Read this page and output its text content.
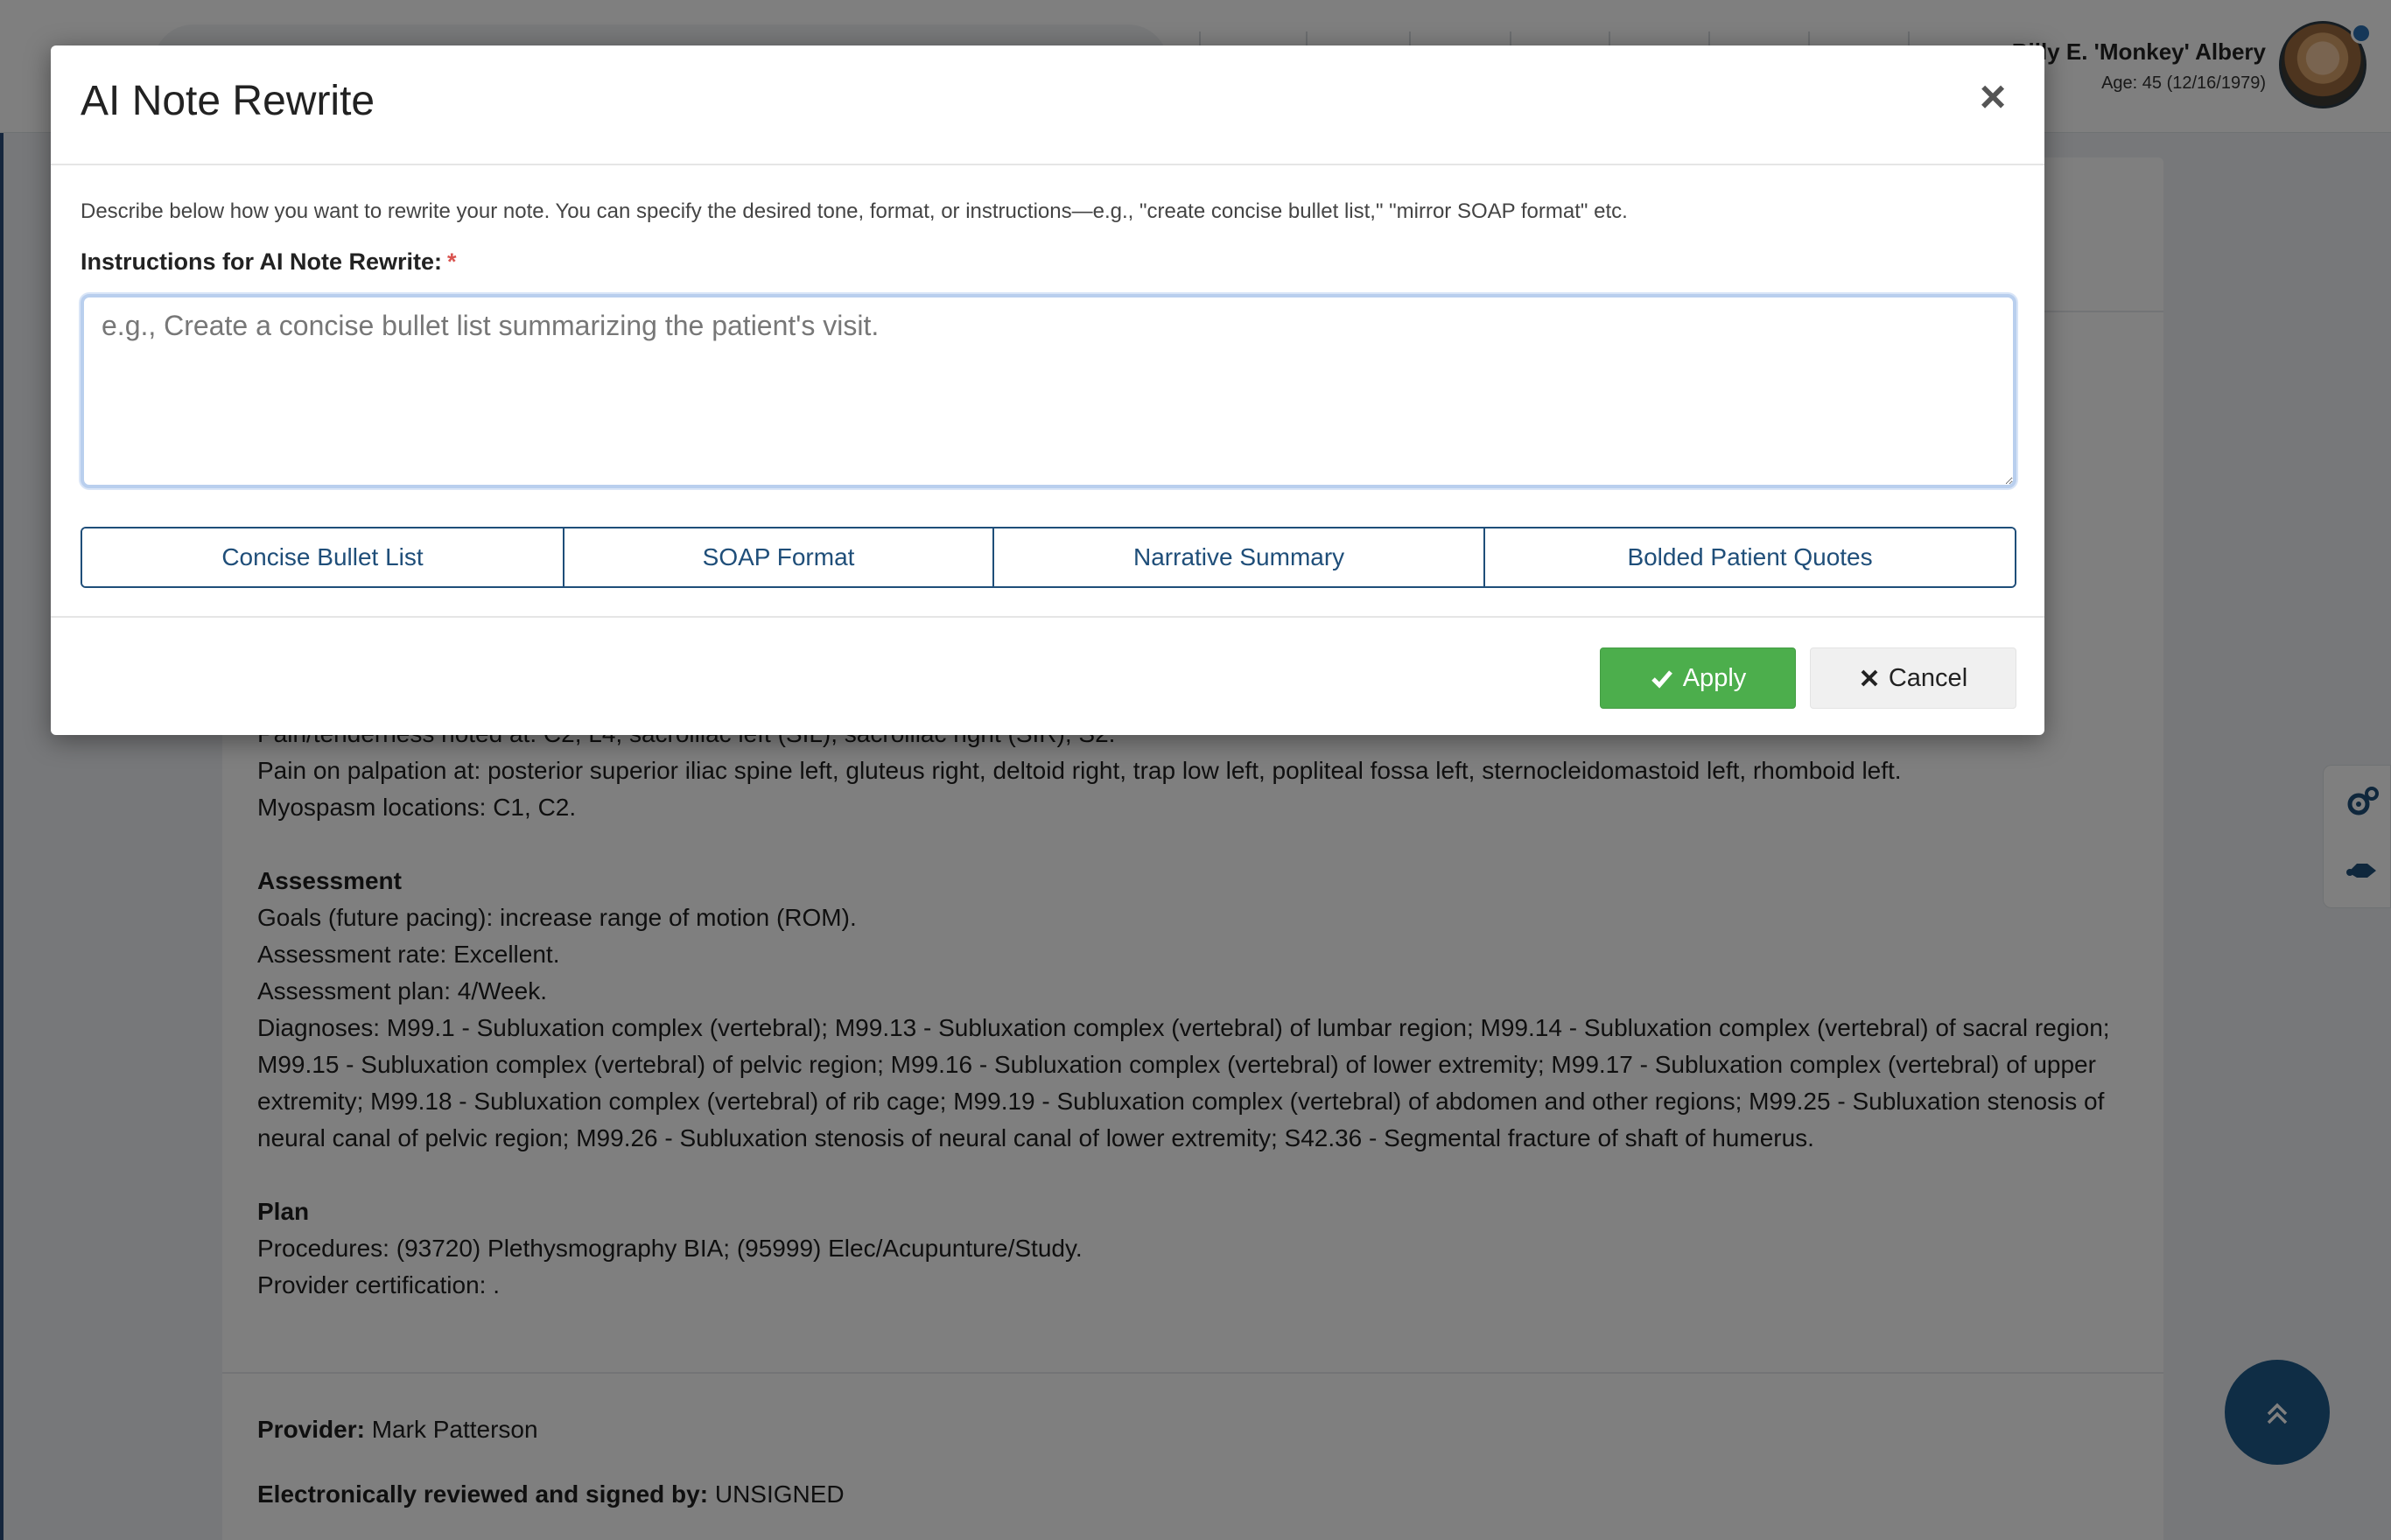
AI Note Rewrite	×

Describe below how you want to rewrite your note. You can specify the desired tone, format, or instructions—e.g., "create concise bullet list," "mirror SOAP format" etc.

Instructions for AI Note Rewrite: *
e.g., Create a concise bullet list summarizing the patient's visit.
Concise Bullet List	SOAP Format	Narrative Summary	Bolded Patient Quotes
Apply	Cancel
